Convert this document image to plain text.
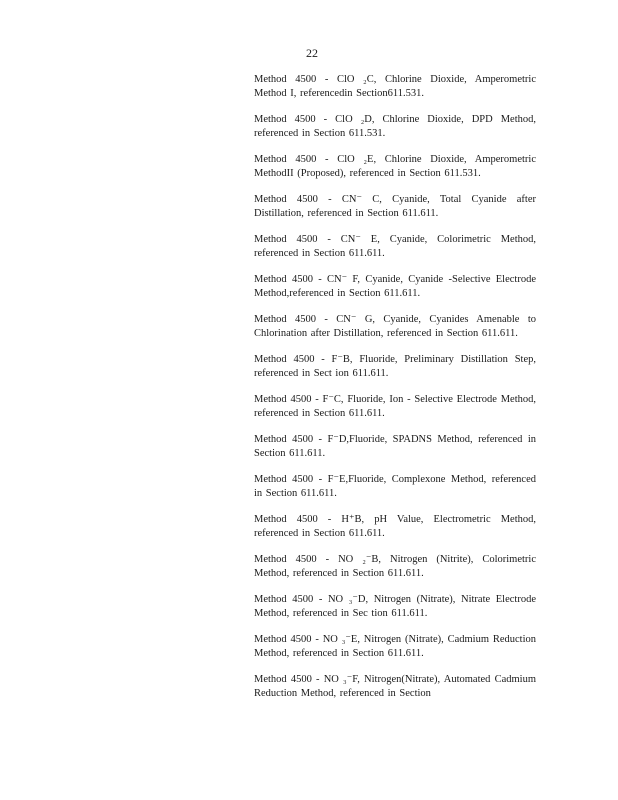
22

Method 4500 - ClO ₂C, Chlorine Dioxide, Amperometric Method I, referencedin Section611.531.

Method 4500 - ClO ₂D, Chlorine Dioxide, DPD Method, referenced in Section 611.531.

Method 4500 - ClO ₂E, Chlorine Dioxide, Amperometric MethodII (Proposed), referenced in Section 611.531.

Method 4500 - CN⁻ C, Cyanide, Total Cyanide after Distillation, referenced in Section 611.611.

Method 4500 - CN⁻ E, Cyanide, Colorimetric Method, referenced in Section 611.611.

Method 4500 - CN⁻ F, Cyanide, Cyanide -Selective Electrode Method,referenced in Section 611.611.

Method 4500 - CN⁻ G, Cyanide, Cyanides Amenable to Chlorination after Distillation, referenced in Section 611.611.

Method 4500 - F⁻B, Fluoride, Preliminary Distillation Step, referenced in Sect ion 611.611.

Method 4500 - F⁻C, Fluoride, Ion - Selective Electrode Method, referenced in Section 611.611.

Method 4500 - F⁻D,Fluoride, SPADNS Method, referenced in Section 611.611.

Method 4500 - F⁻E,Fluoride, Complexone Method, referenced in Section 611.611.

Method 4500 - H⁺B, pH Value, Electrometric Method, referenced in Section 611.611.

Method 4500 - NO ₂⁻B, Nitrogen (Nitrite), Colorimetric Method, referenced in Section 611.611.

Method 4500 - NO ₃⁻D, Nitrogen (Nitrate), Nitrate Electrode Method, referenced in Sec tion 611.611.

Method 4500 - NO ₃⁻E, Nitrogen (Nitrate), Cadmium Reduction Method, referenced in Section 611.611.

Method 4500 - NO ₃⁻F, Nitrogen(Nitrate), Automated Cadmium Reduction Method, referenced in Section
